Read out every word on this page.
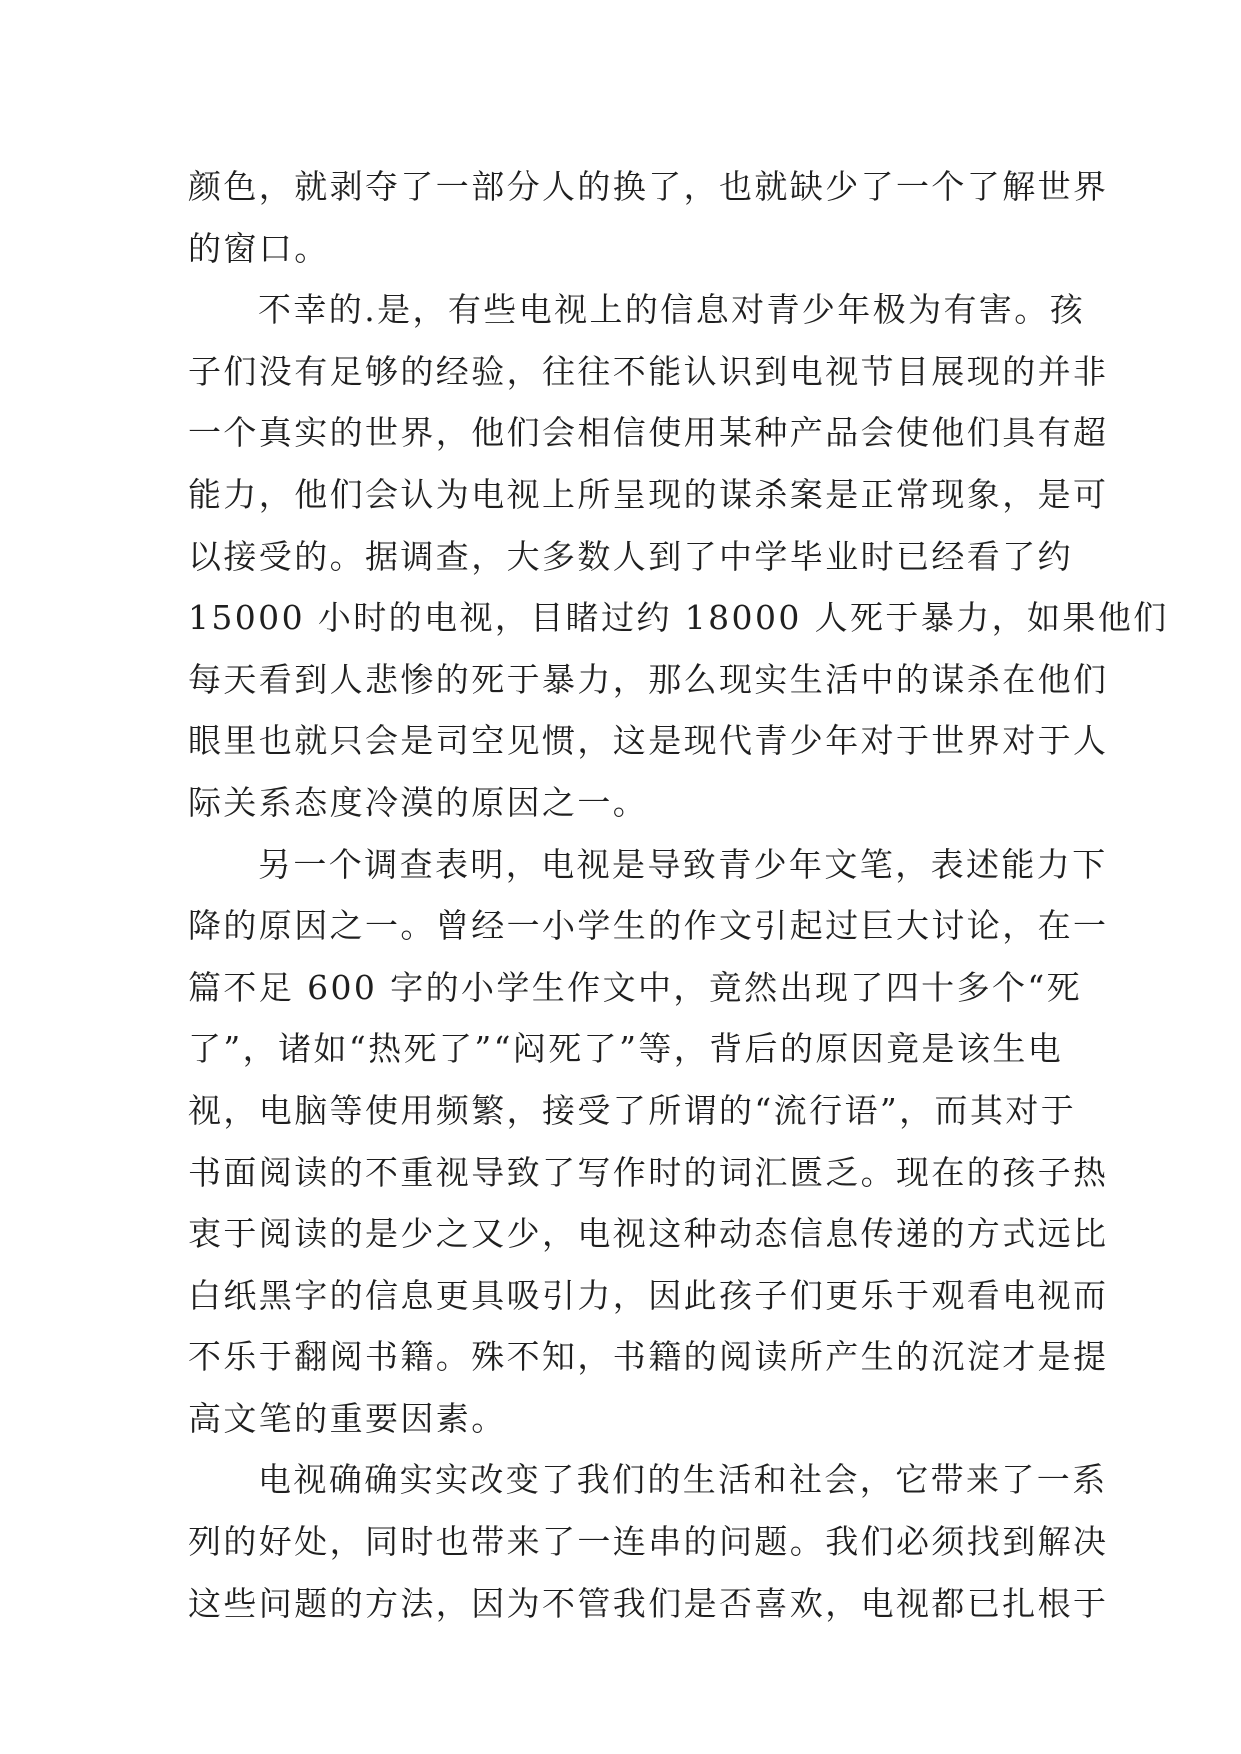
颜色，就剥夺了一部分人的换了，也就缺少了一个了解世界
的窗口。
不幸的.是，有些电视上的信息对青少年极为有害。孩
子们没有足够的经验，往往不能认识到电视节目展现的并非
一个真实的世界，他们会相信使用某种产品会使他们具有超
能力，他们会认为电视上所呈现的谋杀案是正常现象，是可
以接受的。据调查，大多数人到了中学毕业时已经看了约
15000 小时的电视，目睹过约 18000 人死于暴力，如果他们
每天看到人悲惨的死于暴力，那么现实生活中的谋杀在他们
眼里也就只会是司空见惯，这是现代青少年对于世界对于人
际关系态度冷漠的原因之一。
另一个调查表明，电视是导致青少年文笔，表述能力下
降的原因之一。曾经一小学生的作文引起过巨大讨论，在一
篇不足 600 字的小学生作文中，竟然出现了四十多个“死
了”，诸如“热死了”“闷死了”等，背后的原因竟是该生电
视，电脑等使用频繁，接受了所谓的“流行语”，而其对于
书面阅读的不重视导致了写作时的词汇匮乏。现在的孩子热
衷于阅读的是少之又少，电视这种动态信息传递的方式远比
白纸黑字的信息更具吸引力，因此孩子们更乐于观看电视而
不乐于翻阅书籍。殊不知，书籍的阅读所产生的沉淀才是提
高文笔的重要因素。
电视确确实实改变了我们的生活和社会，它带来了一系
列的好处，同时也带来了一连串的问题。我们必须找到解决
这些问题的方法，因为不管我们是否喜欢，电视都已扎根于
